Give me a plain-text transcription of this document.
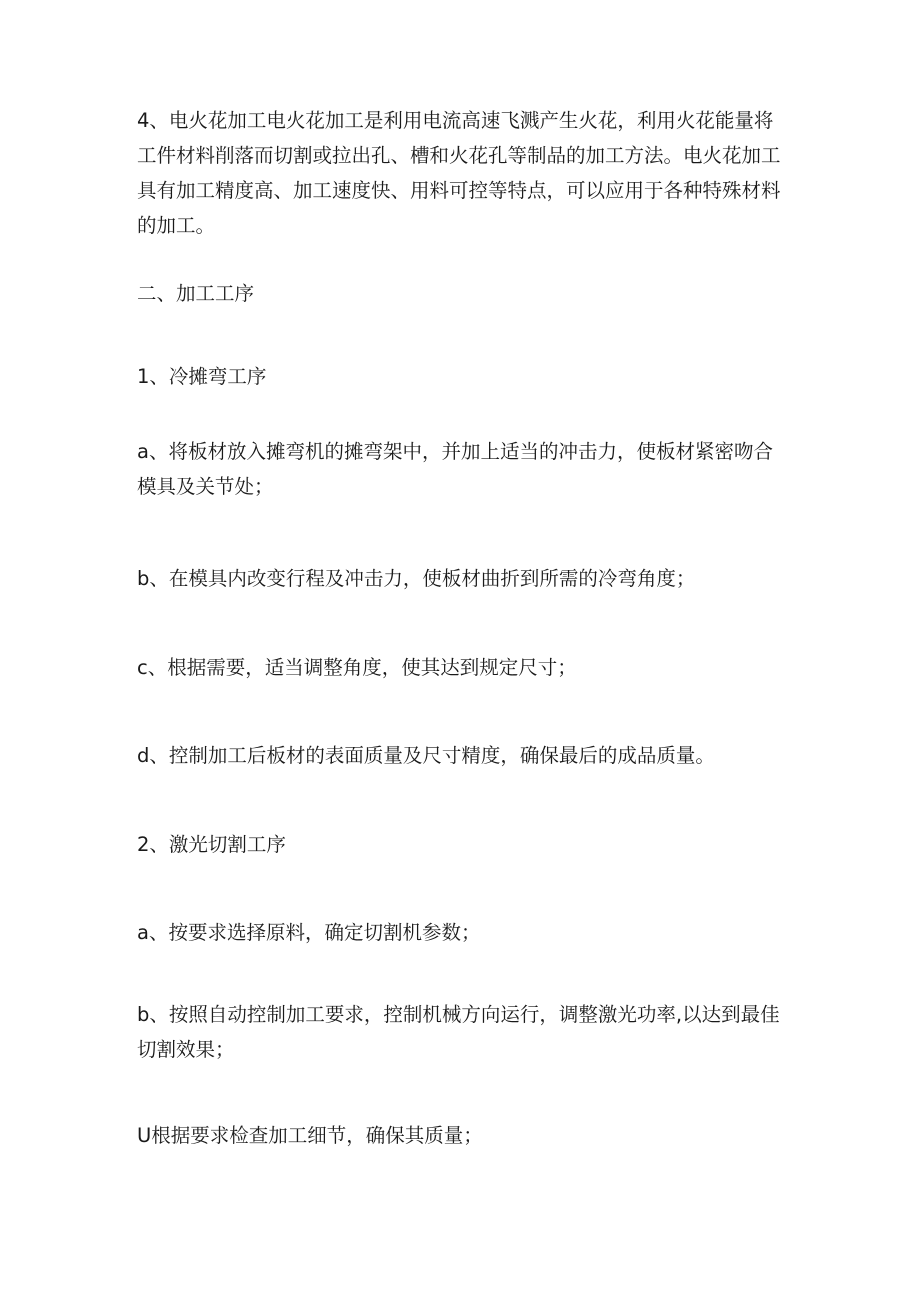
4、电火花加工电火花加工是利用电流高速飞溅产生火花，利用火花能量将工件材料削落而切割或拉出孔、槽和火花孔等制品的加工方法。电火花加工具有加工精度高、加工速度快、用料可控等特点，可以应用于各种特殊材料的加工。

二、加工工序

1、冷摊弯工序

a、将板材放入摊弯机的摊弯架中，并加上适当的冲击力，使板材紧密吻合模具及关节处；

b、在模具内改变行程及冲击力，使板材曲折到所需的冷弯角度；

c、根据需要，适当调整角度，使其达到规定尺寸；

d、控制加工后板材的表面质量及尺寸精度，确保最后的成品质量。

2、激光切割工序

a、按要求选择原料，确定切割机参数；

b、按照自动控制加工要求，控制机械方向运行，调整激光功率,以达到最佳切割效果；

U根据要求检查加工细节，确保其质量；
